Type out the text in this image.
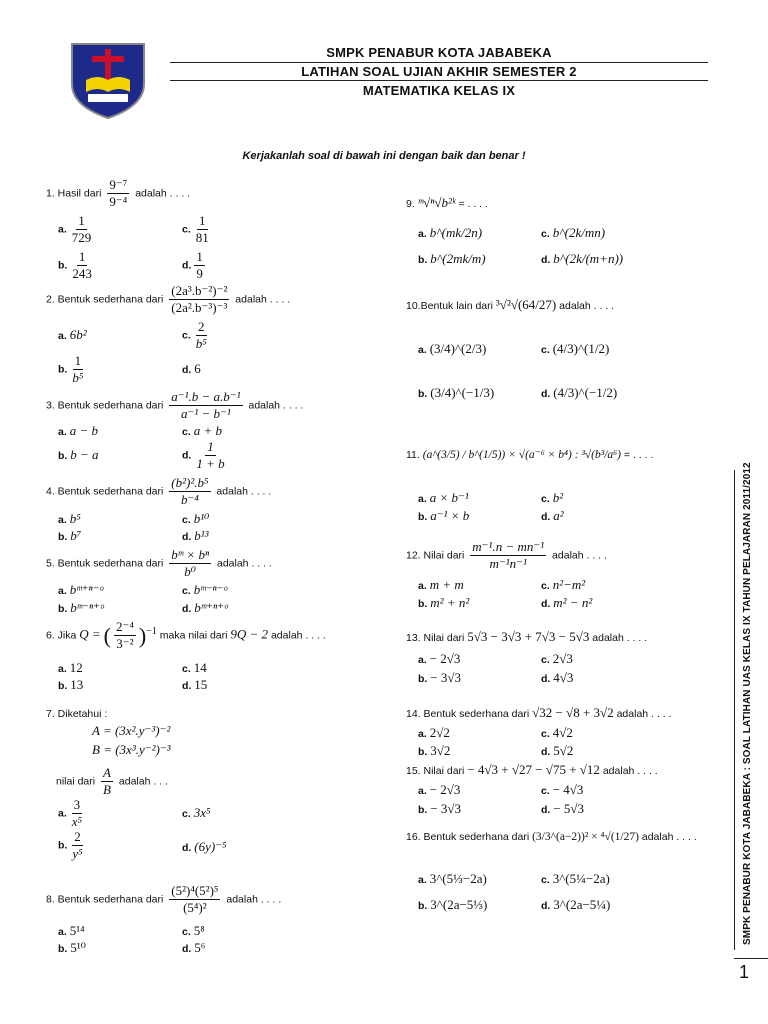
SMPK PENABUR KOTA JABABEKA
LATIHAN SOAL UJIAN AKHIR SEMESTER 2
MATEMATIKA KELAS IX
Kerjakanlah soal di bawah ini dengan baik dan benar !
1. Hasil dari $\frac{\text{9⁻⁷}}{\text{9⁻⁴}}$ adalah . . . .
a. $\frac{1}{729}$	c. $\frac{1}{81}$
b. $\frac{1}{243}$	d. $\frac{1}{9}$
2. Bentuk sederhana dari $\frac{\text{(2a³.b⁻²)⁻²}}{\text{(2a².b⁻³)⁻³}}$ adalah . . . .
a. 6b²	c. $\frac{2}{\text{b⁵}}$
b. $\frac{1}{\text{b⁵}}$	d. 6
3. Bentuk sederhana dari $\frac{\text{a⁻¹.b − a.b⁻¹}}{\text{a⁻¹ − b⁻¹}}$ adalah . . . .
a. a − b	c. a + b
b. b − a	d. $\frac{1}{1 + b}$
4. Bentuk sederhana dari $\frac{\text{(b²)².b⁵}}{\text{b⁻⁴}}$ adalah . . . .
a. b⁵	c. b¹⁰
b. b⁷	d. b¹³
5. Bentuk sederhana dari $\frac{\text{bᵐ × bⁿ}}{\text{b⁰}}$ adalah . . . .
a. bᵐ⁺ⁿ⁻ᵒ	c. bᵐ⁻ⁿ⁻ᵒ
b. bᵐ⁻ⁿ⁺ᵒ	d. bᵐ⁺ⁿ⁺ᵒ
6. Jika Q = ( $\frac{\text{2⁻⁴}}{\text{3⁻²}} )^{-1}$ maka nilai dari 9Q − 2 adalah . . . .
a. 12	c. 14
b. 13	d. 15
7. Diketahui :
A = (3x².y⁻³)⁻²
B = (3x³.y⁻²)⁻³
nilai dari $\frac{A}{B}$ adalah . . .
a. $\frac{3}{\text{x⁵}}$	c. 3x⁵
b. $\frac{2}{\text{y⁵}}$	d. (6y)⁻⁵
8. Bentuk sederhana dari $\frac{\text{(5²)⁴(5²)⁵}}{\text{(5⁴)²}}$ adalah . . . .
a. 5¹⁴	c. 5⁸
b. 5¹⁰	d. 5⁶
9. ᵐ√ⁿ√b²ᵏ = . . . .
a. b^(mk/2n)	c. b^(2k/mn)
b. b^(2mk/m)	d. b^(2k/(m+n))
10.Bentuk lain dari ³√²√(64/27) adalah . . . .
a. (3/4)^(2/3)	c. (4/3)^(1/2)
b. (3/4)^(−1/3)	d. (4/3)^(−1/2)
11. (a^(3/5) / b^(1/5)) × √(a⁻⁶ × b⁴) : ³√(b³/a⁶) = . . . .
a. a × b⁻¹	c. b²
b. a⁻¹ × b	d. a²
12. Nilai dari $\frac{\text{m⁻¹.n − mn⁻¹}}{\text{m⁻¹n⁻¹}}$ adalah . . . .
a. m + m	c. n²−m²
b. m² + n²	d. m² − n²
13. Nilai dari 5√3 − 3√3 + 7√3 − 5√3 adalah . . . .
a. − 2√3	c. 2√3
b. − 3√3	d. 4√3
14. Bentuk sederhana dari √32 − √8 + 3√2 adalah . . . .
a. 2√2	c. 4√2
b. 3√2	d. 5√2
15. Nilai dari − 4√3 + √27 − √75 + √12 adalah . . . .
a. − 2√3	c. − 4√3
b. − 3√3	d. − 5√3
16. Bentuk sederhana dari (3/3^(a−2))² × ⁴√(1/27) adalah . . . .
a. 3^(5⅓−2a)	c. 3^(5¼−2a)
b. 3^(2a−5⅓)	d. 3^(2a−5¼)	SMPK PENABUR KOTA JABABEKA : SOAL LATIHAN UAS KELAS IX TAHUN PELAJARAN 2011/2012
1
